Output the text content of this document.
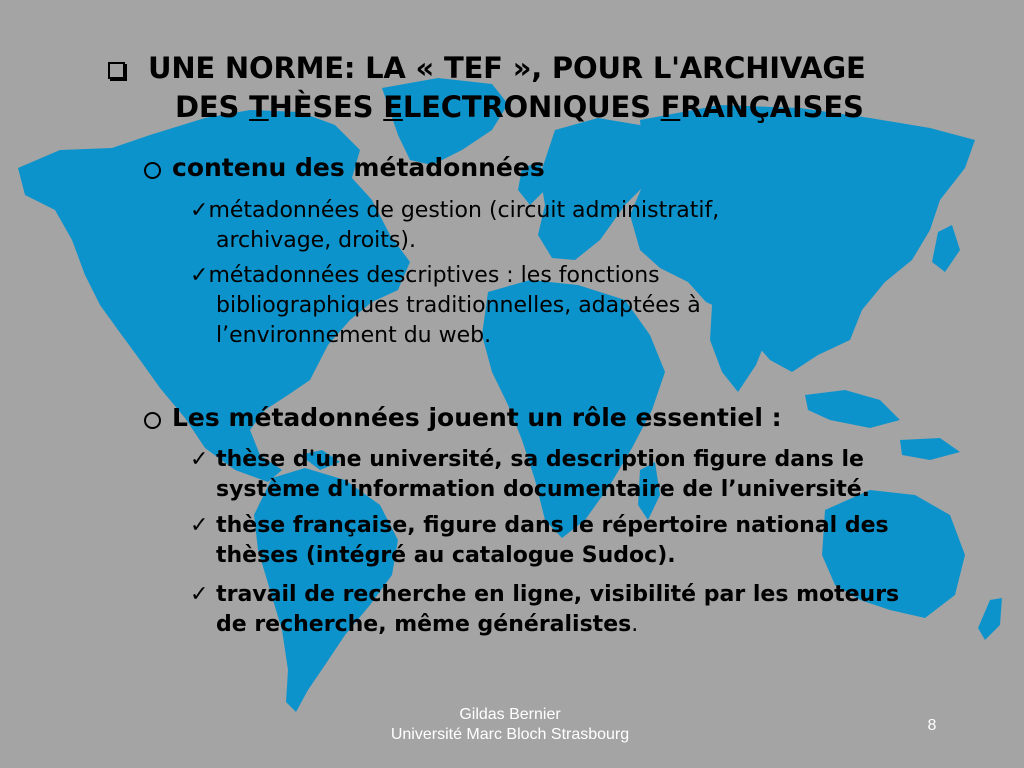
UNE NORME: LA « TEF », POUR L'ARCHIVAGE
DES THÈSES ELECTRONIQUES FRANÇAISES
contenu des métadonnées
✓métadonnées de gestion (circuit administratif,
archivage, droits).
✓métadonnées descriptives : les fonctions
bibliographiques traditionnelles, adaptées à
l’environnement du web.
Les métadonnées jouent un rôle essentiel :
✓ thèse d'une université, sa description figure dans le
système d'information documentaire de l’université.
✓ thèse française, figure dans le répertoire national des
thèses (intégré au catalogue Sudoc).
✓ travail de recherche en ligne, visibilité par les moteurs
de recherche, même généralistes.
Gildas Bernier
Université Marc Bloch Strasbourg
8
